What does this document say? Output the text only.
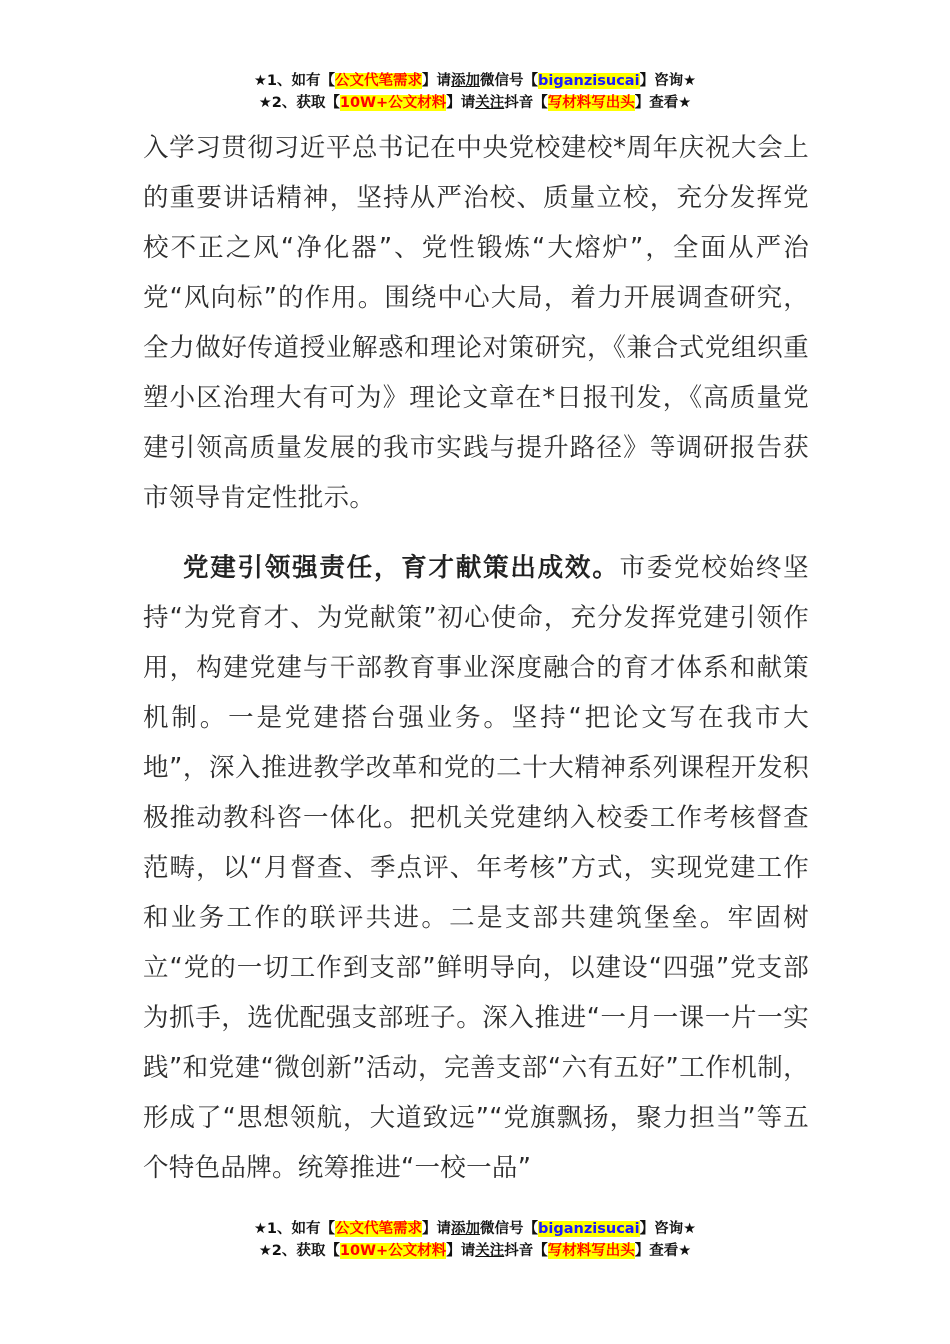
★1、如有【公文代笔需求】请添加微信号【biganzisucai】咨询★
★2、获取【10W+公文材料】请关注抖音【写材料写出头】查看★

入学习贯彻习近平总书记在中央党校建校*周年庆祝大会上的重要讲话精神，坚持从严治校、质量立校，充分发挥党校不正之风“净化器”、党性锻炼“大熔炉”，全面从严治党“风向标”的作用。围绕中心大局，着力开展调查研究，全力做好传道授业解惑和理论对策研究，《兼合式党组织重塑小区治理大有可为》理论文章在*日报刊发，《高质量党建引领高质量发展的我市实践与提升路径》等调研报告获市领导肯定性批示。

党建引领强责任，育才献策出成效。市委党校始终坚持“为党育才、为党献策”初心使命，充分发挥党建引领作用，构建党建与干部教育事业深度融合的育才体系和献策机制。一是党建搭台强业务。坚持“把论文写在我市大地”，深入推进教学改革和党的二十大精神系列课程开发积极推动教科咨一体化。把机关党建纳入校委工作考核督查范畴，以“月督查、季点评、年考核”方式，实现党建工作和业务工作的联评共进。二是支部共建筑堡垒。牢固树立“党的一切工作到支部”鲜明导向，以建设“四强”党支部为抓手，选优配强支部班子。深入推进“一月一课一片一实践”和党建“微创新”活动，完善支部“六有五好”工作机制，形成了“思想领航，大道致远”“党旗飘扬，聚力担当”等五个特色品牌。统筹推进“一校一品”

★1、如有【公文代笔需求】请添加微信号【biganzisucai】咨询★
★2、获取【10W+公文材料】请关注抖音【写材料写出头】查看★
